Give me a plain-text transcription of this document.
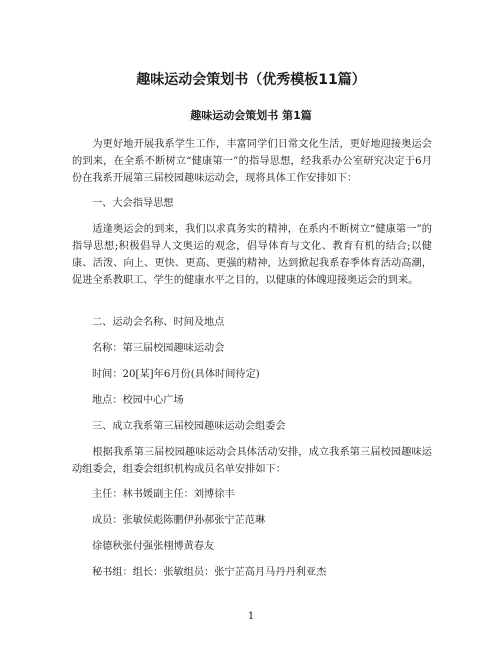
趣味运动会策划书（优秀模板11篇）
趣味运动会策划书 第1篇

为更好地开展我系学生工作，丰富同学们日常文化生活，更好地迎接奥运会的到来，在全系不断树立“健康第一”的指导思想，经我系办公室研究决定于6月份在我系开展第三届校园趣味运动会，现将具体工作安排如下：

一、大会指导思想

适逢奥运会的到来，我们以求真务实的精神，在系内不断树立“健康第一”的指导思想;积极倡导人文奥运的观念，倡导体育与文化、教育有机的结合;以健康、活泼、向上、更快、更高、更强的精神，达到掀起我系春季体育活动高潮，促进全系教职工、学生的健康水平之目的，以健康的体魄迎接奥运会的到来。

二、运动会名称、时间及地点

名称：第三届校园趣味运动会

时间：20[某]年6月份(具体时间待定)

地点：校园中心广场

三、成立我系第三届校园趣味运动会组委会

根据我系第三届校园趣味运动会具体活动安排，成立我系第三届校园趣味运动组委会，组委会组织机构成员名单安排如下：

主任：林书媛副主任：刘博徐丰

成员：张敏侯彪陈鹏伊孙郝张宁芷范琳

徐德秋张付强张栩博黄春友

秘书组：组长：张敏组员：张宁芷高月马丹丹利亚杰

1
